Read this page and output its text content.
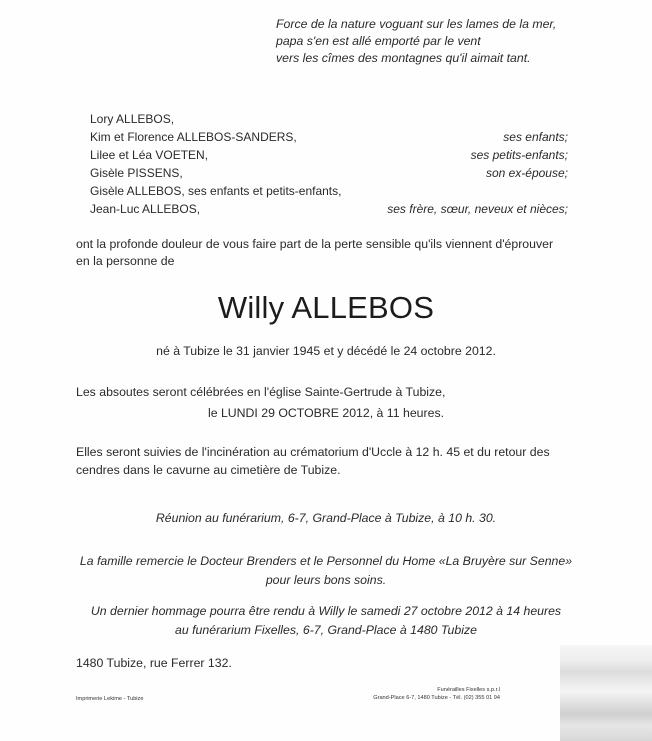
Force de la nature voguant sur les lames de la mer,
papa s'en est allé emporté par le vent
vers les cîmes des montagnes qu'il aimait tant.
Lory ALLEBOS,
Kim et Florence ALLEBOS-SANDERS,
Lilee et Léa VOETEN,
Gisèle PISSENS,
Gisèle ALLEBOS, ses enfants et petits-enfants,
Jean-Luc ALLEBOS,
ses enfants;
ses petits-enfants;
son ex-épouse;
ses frère, sœur, neveux et nièces;
ont la profonde douleur de vous faire part de la perte sensible qu'ils viennent d'éprouver
en la personne de
Willy ALLEBOS
né à Tubize le 31 janvier 1945 et y décédé le 24 octobre 2012.
Les absoutes seront célébrées en l'église Sainte-Gertrude à Tubize,
le LUNDI 29 OCTOBRE 2012, à 11 heures.
Elles seront suivies de l'incinération au crématorium d'Uccle à 12 h. 45 et du retour des
cendres dans le cavurne au cimetière de Tubize.
Réunion au funérarium, 6-7, Grand-Place à Tubize, à 10 h. 30.
La famille remercie le Docteur Brenders et le Personnel du Home «La Bruyère sur Senne»
pour leurs bons soins.
Un dernier hommage pourra être rendu à Willy le samedi 27 octobre 2012 à 14 heures
au funérarium Fixelles, 6-7, Grand-Place à 1480 Tubize
1480 Tubize, rue Ferrer 132.
Imprimerie Lekime - Tubize
Funérailles Fixelles s.p.r.l
Grand-Place 6-7, 1480 Tubize - Tél. (02) 355 01 94
